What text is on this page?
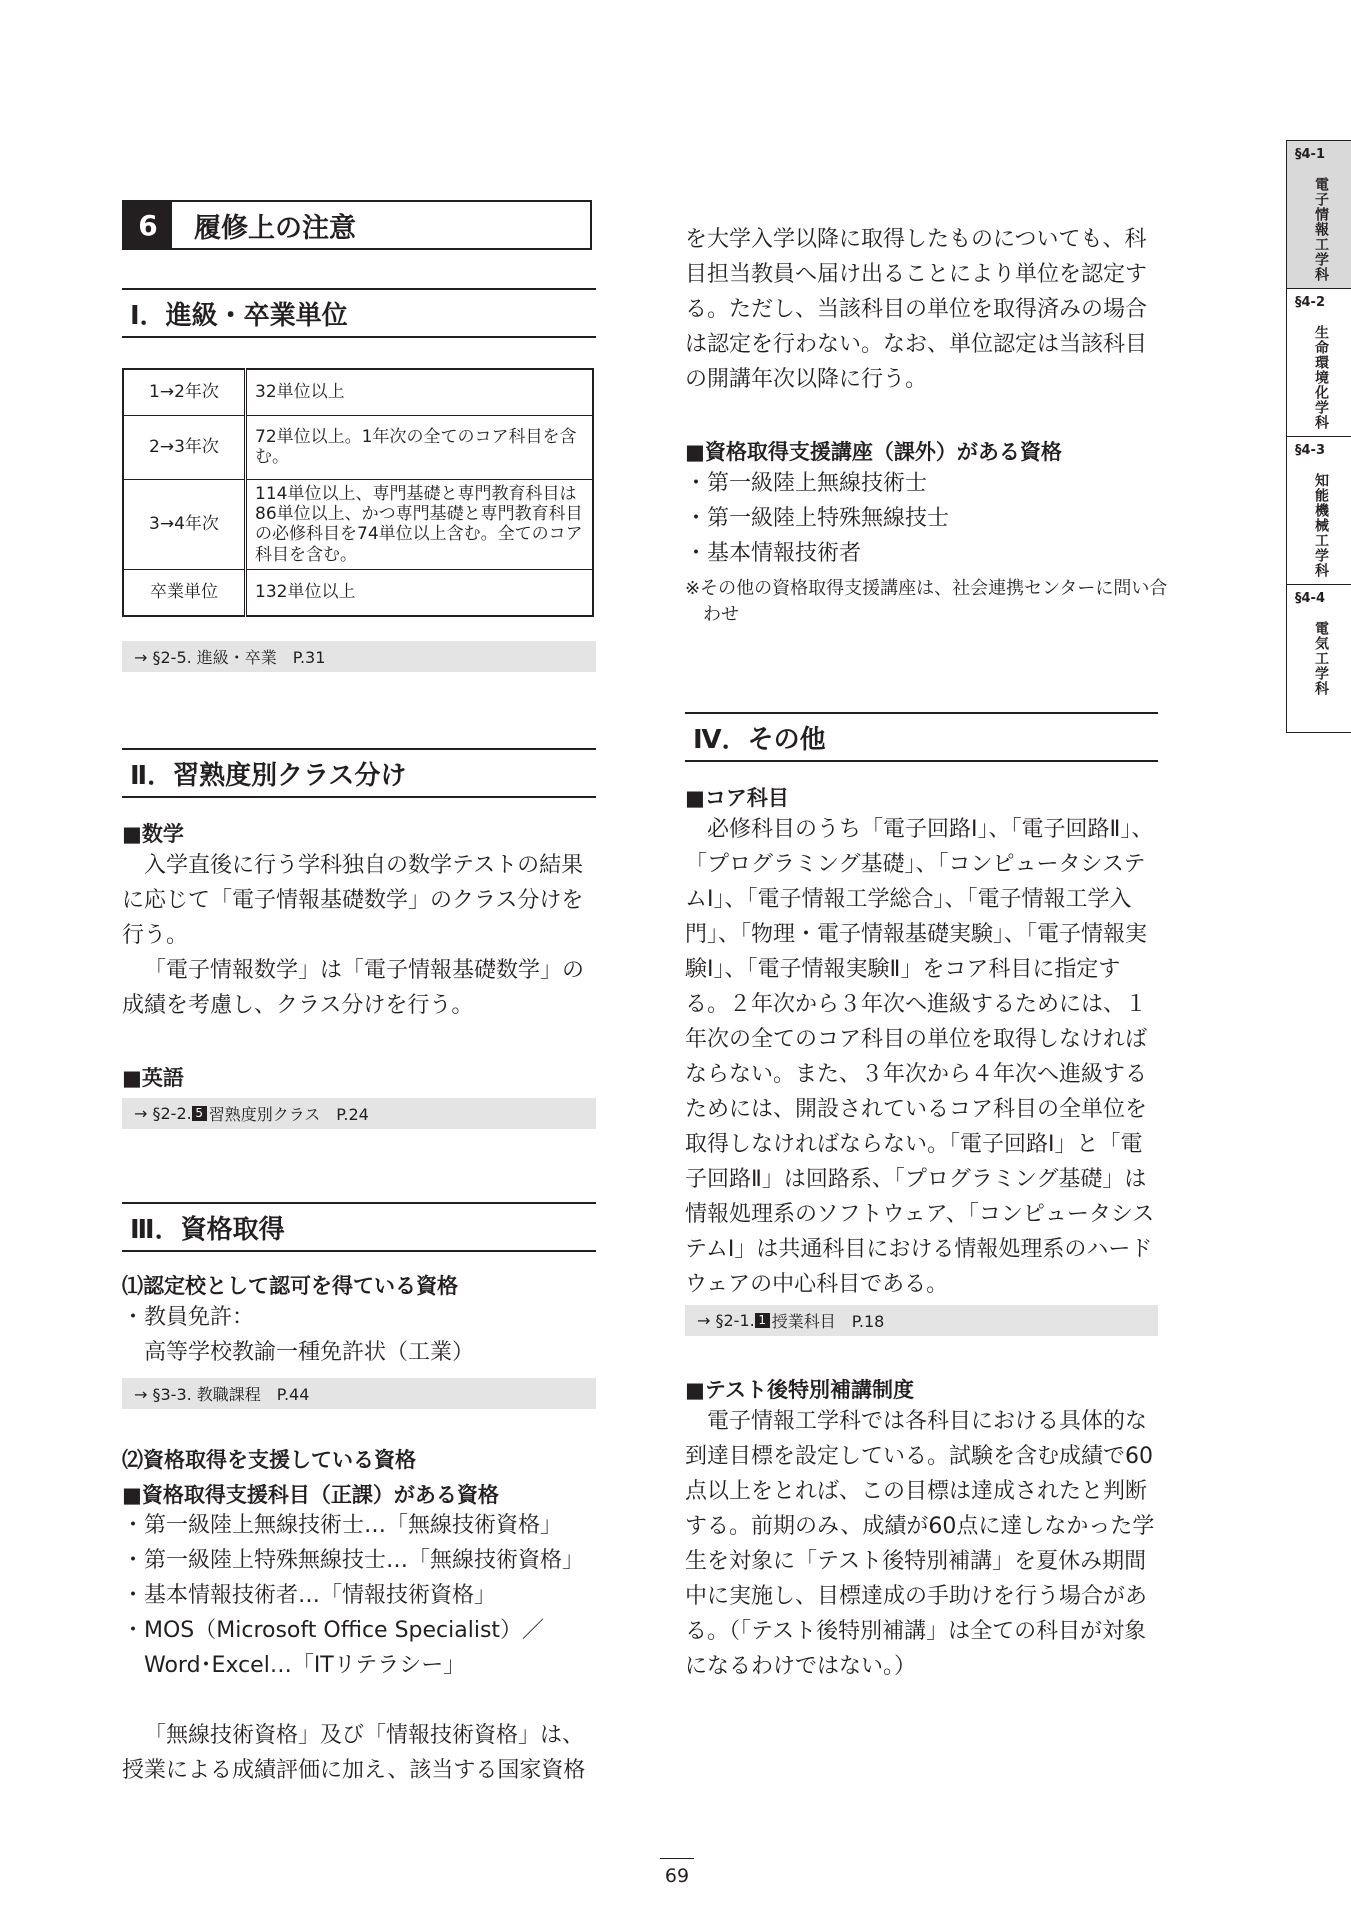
6	履修上の注意
Ⅰ．進級・卒業単位
1→2年次	32単位以上
2→3年次	72単位以上。1年次の全てのコア科目を含む。
3→4年次	114単位以上、専門基礎と専門教育科目は86単位以上、かつ専門基礎と専門教育科目の必修科目を74単位以上含む。全てのコア科目を含む。
卒業単位	132単位以上
→ §2-5. 進級・卒業　P.31
Ⅱ．習熟度別クラス分け
■数学

入学直後に行う学科独自の数学テストの結果に応じて「電子情報基礎数学」のクラス分けを行う。

「電子情報数学」は「電子情報基礎数学」の成績を考慮し、クラス分けを行う。

■英語
→ §2-2. 5 習熟度別クラス　P.24
Ⅲ．資格取得
⑴認定校として認可を得ている資格

・教員免許：

高等学校教諭一種免許状（工業）

→ §3-3. 教職課程　P.44
⑵資格取得を支援している資格
■資格取得支援科目（正課）がある資格

・第一級陸上無線技術士…「無線技術資格」

・第一級陸上特殊無線技士…「無線技術資格」

・基本情報技術者…「情報技術資格」

・MOS（Microsoft Office Specialist）／Word･Excel…「ITリテラシー」

「無線技術資格」及び「情報技術資格」は、授業による成績評価に加え、該当する国家資格

を大学入学以降に取得したものについても、科目担当教員へ届け出ることにより単位を認定する。ただし、当該科目の単位を取得済みの場合は認定を行わない。なお、単位認定は当該科目の開講年次以降に行う。

■資格取得支援講座（課外）がある資格

・第一級陸上無線技術士

・第一級陸上特殊無線技士

・基本情報技術者

※その他の資格取得支援講座は、社会連携センターに問い合わせ
Ⅳ．その他
■コア科目

必修科目のうち「電子回路Ⅰ」、「電子回路Ⅱ」、「プログラミング基礎」、「コンピュータシステムⅠ」、「電子情報工学総合」、「電子情報工学入門」、「物理・電子情報基礎実験」、「電子情報実験Ⅰ」、「電子情報実験Ⅱ」をコア科目に指定する。２年次から３年次へ進級するためには、１年次の全てのコア科目の単位を取得しなければならない。また、３年次から４年次へ進級するためには、開設されているコア科目の全単位を取得しなければならない。「電子回路Ⅰ」と「電子回路Ⅱ」は回路系、「プログラミング基礎」は情報処理系のソフトウェア、「コンピュータシステムⅠ」は共通科目における情報処理系のハードウェアの中心科目である。

→ §2-1. 1 授業科目　P.18
■テスト後特別補講制度

電子情報工学科では各科目における具体的な到達目標を設定している。試験を含む成績で60点以上をとれば、この目標は達成されたと判断する。前期のみ、成績が60点に達しなかった学生を対象に「テスト後特別補講」を夏休み期間中に実施し、目標達成の手助けを行う場合がある。（「テスト後特別補講」は全ての科目が対象になるわけではない。）

§4-1
電子情報工学科
§4-2
生命環境化学科
§4-3
知能機械工学科
§4-4
電気工学科
69
